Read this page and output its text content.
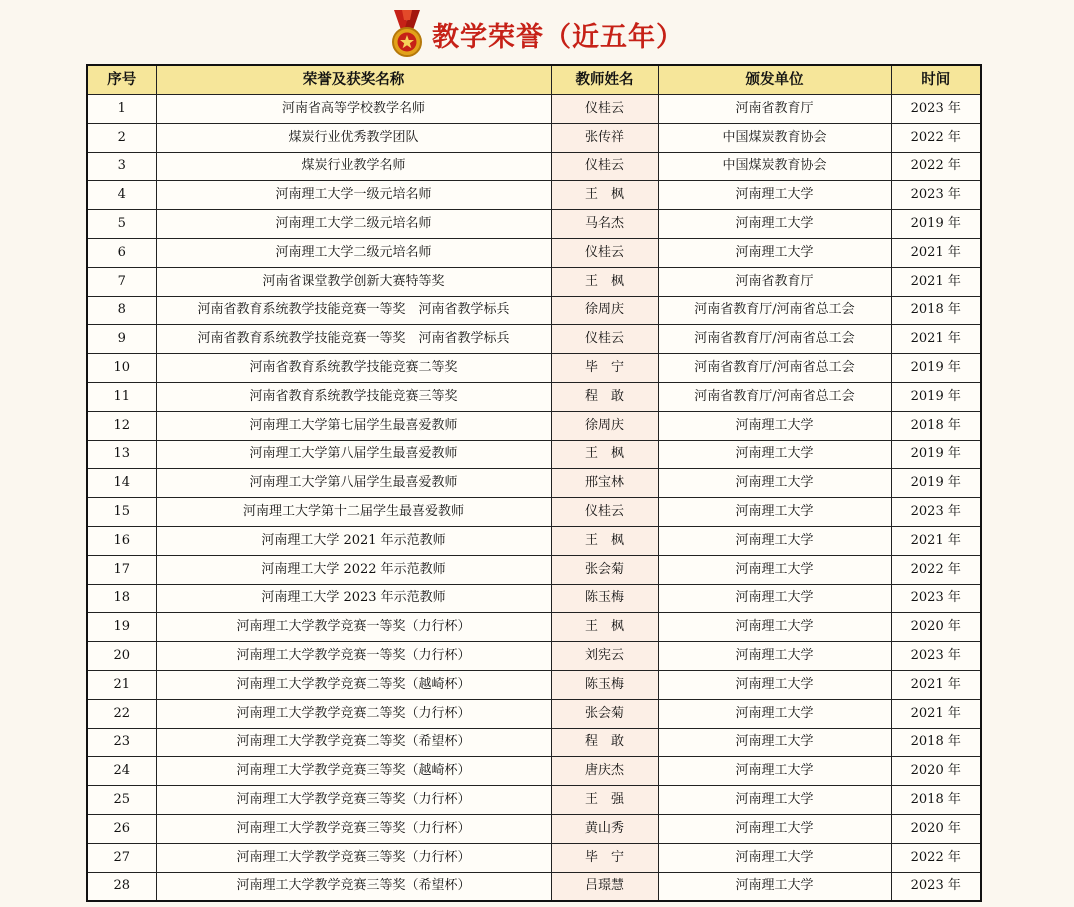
教学荣誉（近五年）
序号	荣誉及获奖名称	教师姓名	颁发单位	时间
1	河南省高等学校教学名师	仪桂云	河南省教育厅	2023 年
2	煤炭行业优秀教学团队	张传祥	中国煤炭教育协会	2022 年
3	煤炭行业教学名师	仪桂云	中国煤炭教育协会	2022 年
4	河南理工大学一级元培名师	王　枫	河南理工大学	2023 年
5	河南理工大学二级元培名师	马名杰	河南理工大学	2019 年
6	河南理工大学二级元培名师	仪桂云	河南理工大学	2021 年
7	河南省课堂教学创新大赛特等奖	王　枫	河南省教育厅	2021 年
8	河南省教育系统教学技能竞赛一等奖　河南省教学标兵	徐周庆	河南省教育厅/河南省总工会	2018 年
9	河南省教育系统教学技能竞赛一等奖　河南省教学标兵	仪桂云	河南省教育厅/河南省总工会	2021 年
10	河南省教育系统教学技能竞赛二等奖	毕　宁	河南省教育厅/河南省总工会	2019 年
11	河南省教育系统教学技能竞赛三等奖	程　敢	河南省教育厅/河南省总工会	2019 年
12	河南理工大学第七届学生最喜爱教师	徐周庆	河南理工大学	2018 年
13	河南理工大学第八届学生最喜爱教师	王　枫	河南理工大学	2019 年
14	河南理工大学第八届学生最喜爱教师	邢宝林	河南理工大学	2019 年
15	河南理工大学第十二届学生最喜爱教师	仪桂云	河南理工大学	2023 年
16	河南理工大学 2021 年示范教师	王　枫	河南理工大学	2021 年
17	河南理工大学 2022 年示范教师	张会菊	河南理工大学	2022 年
18	河南理工大学 2023 年示范教师	陈玉梅	河南理工大学	2023 年
19	河南理工大学教学竞赛一等奖（力行杯）	王　枫	河南理工大学	2020 年
20	河南理工大学教学竞赛一等奖（力行杯）	刘宪云	河南理工大学	2023 年
21	河南理工大学教学竞赛二等奖（越崎杯）	陈玉梅	河南理工大学	2021 年
22	河南理工大学教学竞赛二等奖（力行杯）	张会菊	河南理工大学	2021 年
23	河南理工大学教学竞赛二等奖（希望杯）	程　敢	河南理工大学	2018 年
24	河南理工大学教学竞赛三等奖（越崎杯）	唐庆杰	河南理工大学	2020 年
25	河南理工大学教学竞赛三等奖（力行杯）	王　强	河南理工大学	2018 年
26	河南理工大学教学竞赛三等奖（力行杯）	黄山秀	河南理工大学	2020 年
27	河南理工大学教学竞赛三等奖（力行杯）	毕　宁	河南理工大学	2022 年
28	河南理工大学教学竞赛三等奖（希望杯）	吕璟慧	河南理工大学	2023 年
